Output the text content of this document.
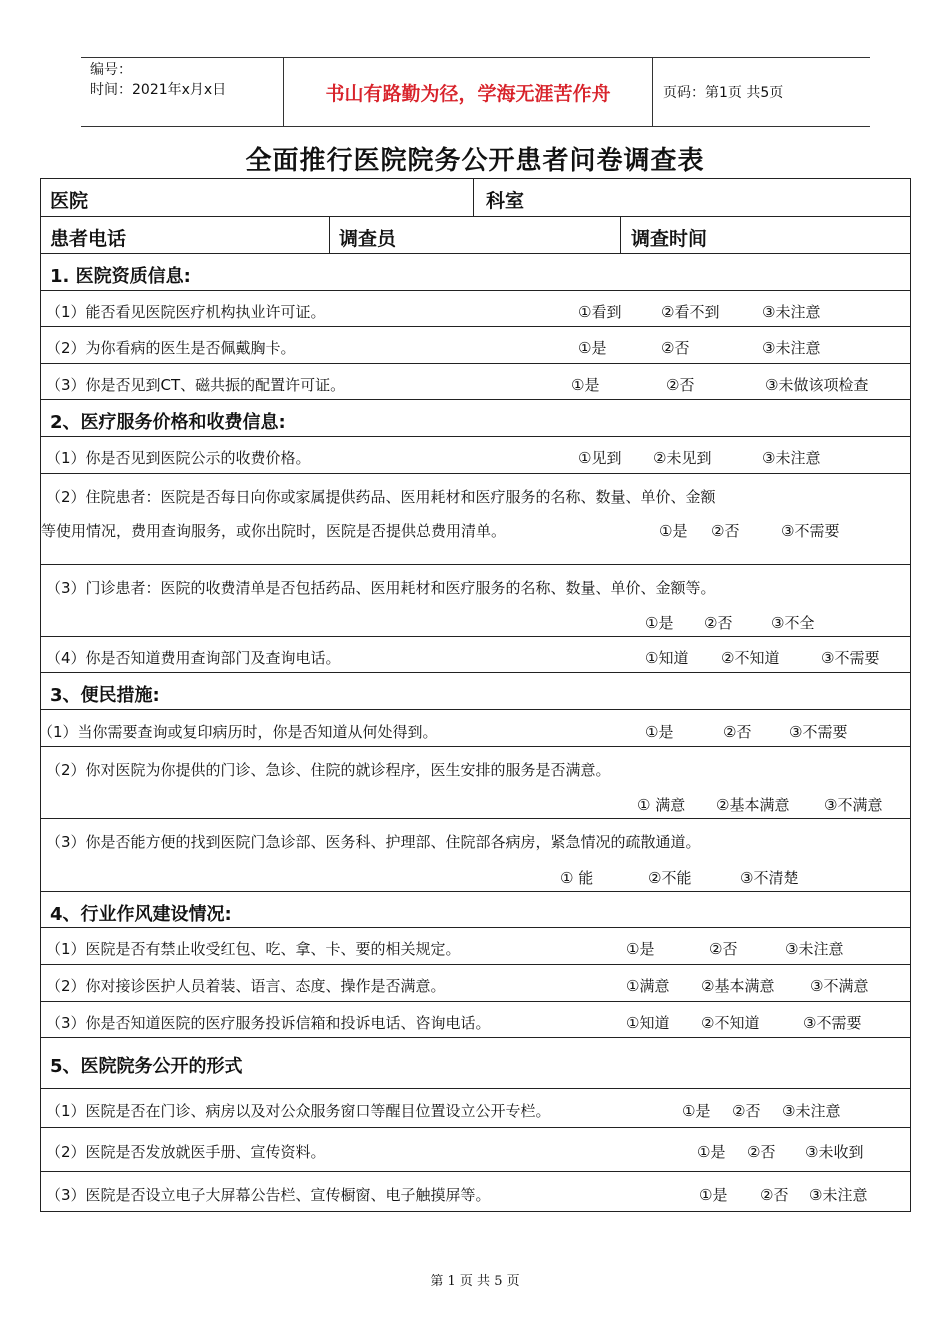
编号：
时间：2021年x月x日	书山有路勤为径，学海无涯苦作舟	页码：第1页 共5页
全面推行医院院务公开患者问卷调查表
医院	科室
患者电话	调查员	调查时间
1. 医院资质信息:
（1）能否看见医院医疗机构执业许可证。	①看到	②看不到	③未注意
（2）为你看病的医生是否佩戴胸卡。	①是	②否	③未注意
（3）你是否见到CT、磁共振的配置许可证。	①是	②否	③未做该项检查
2、医疗服务价格和收费信息:
（1）你是否见到医院公示的收费价格。	①见到 ②未见到	③未注意
（2）住院患者：医院是否每日向你或家属提供药品、医用耗材和医疗服务的名称、数量、单价、金额
等使用情况，费用查询服务，或你出院时，医院是否提供总费用清单。	①是 ②否	③不需要
（3）门诊患者：医院的收费清单是否包括药品、医用耗材和医疗服务的名称、数量、单价、金额等。
①是 ②否	③不全
（4）你是否知道费用查询部门及查询电话。	①知道 ②不知道	③不需要
3、便民措施:
（1）当你需要查询或复印病历时，你是否知道从何处得到。	①是	②否	③不需要
（2）你对医院为你提供的门诊、急诊、住院的就诊程序，医生安排的服务是否满意。
① 满意 ②基本满意 ③不满意
（3）你是否能方便的找到医院门急诊部、医务科、护理部、住院部各病房，紧急情况的疏散通道。
① 能	②不能	③不清楚
4、行业作风建设情况:
（1）医院是否有禁止收受红包、吃、拿、卡、要的相关规定。	①是	②否	③未注意
（2）你对接诊医护人员着装、语言、态度、操作是否满意。	①满意 ②基本满意 ③不满意
（3）你是否知道医院的医疗服务投诉信箱和投诉电话、咨询电话。	①知道 ②不知道	③不需要
5、医院院务公开的形式
（1）医院是否在门诊、病房以及对公众服务窗口等醒目位置设立公开专栏。	①是 ②否 ③未注意
（2）医院是否发放就医手册、宣传资料。	①是 ②否 ③未收到
（3）医院是否设立电子大屏幕公告栏、宣传橱窗、电子触摸屏等。	①是 ②否 ③未注意
第 1 页 共 5 页
